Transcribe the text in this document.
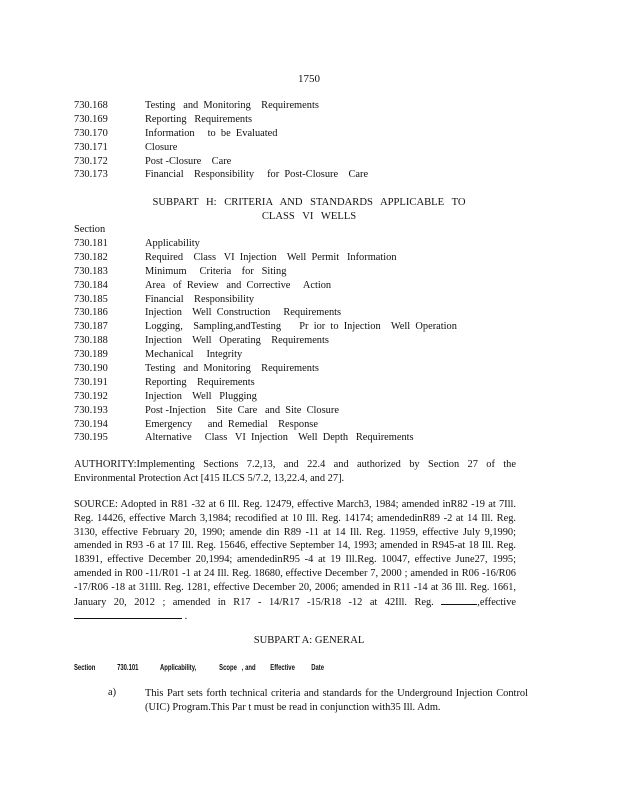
1750
730.168	Testing   and  Monitoring    Requirements
730.169	Reporting   Requirements
730.170	Information     to  be  Evaluated
730.171	Closure
730.172	Post -Closure    Care
730.173	Financial    Responsibility     for  Post-Closure    Care
SUBPART H: CRITERIA AND STANDARDS APPLICABLE TO
CLASS VI WELLS
Section
730.181	Applicability
730.182	Required    Class   VI  Injection    Well  Permit   Information
730.183	Minimum     Criteria    for   Siting
730.184	Area   of  Review   and  Corrective     Action
730.185	Financial    Responsibility
730.186	Injection    Well  Construction     Requirements
730.187	Logging,    Sampling,andTesting       Pr  ior  to  Injection    Well  Operation
730.188	Injection    Well   Operating    Requirements
730.189	Mechanical     Integrity
730.190	Testing   and  Monitoring    Requirements
730.191	Reporting    Requirements
730.192	Injection    Well   Plugging
730.193	Post -Injection    Site  Care   and  Site  Closure
730.194	Emergency      and  Remedial    Response
730.195	Alternative     Class   VI  Injection    Well  Depth   Requirements
AUTHORITY:Implementing Sections 7.2,13, and 22.4 and authorized by Section 27 of the Environmental Protection Act [415 ILCS 5/7.2, 13,22.4, and 27].
SOURCE: Adopted in R81 -32 at 6 Ill. Reg. 12479, effective March3, 1984; amended inR82 -19 at 7Ill. Reg. 14426, effective March 3,1984; recodified at 10 Ill. Reg. 14174; amendedinR89 -2 at 14 Ill. Reg. 3130, effective February 20, 1990; amende din R89 -11 at 14 Ill. Reg. 11959, effective July 9,1990; amended in R93 -6 at 17 Ill. Reg. 15646, effective September 14, 1993; amended in R945-at 18 Ill. Reg. 18391, effective December 20,1994; amendedinR95 -4 at 19 Ill.Reg. 10047, effective June27, 1995; amended in R00 -11/R01 -1 at 24 Ill. Reg. 18680, effective December 7, 2000 ; amended in R06 -16/R06 -17/R06 -18 at 31Ill. Reg. 1281, effective December 20, 2006; amended in R11 -14 at 36 Ill. Reg. 1661, January 20, 2012 ; amended in R17 - 14/R17 -15/R18 -12 at 42Ill. Reg.	,effective  .
SUBPART A: GENERAL
Section	730.101	Applicability,              Scope   , and         Effective          Date
a)	This Part sets forth technical criteria and standards for the Underground Injection Control (UIC) Program.This Par t must be read in conjunction with35 Ill. Adm.
